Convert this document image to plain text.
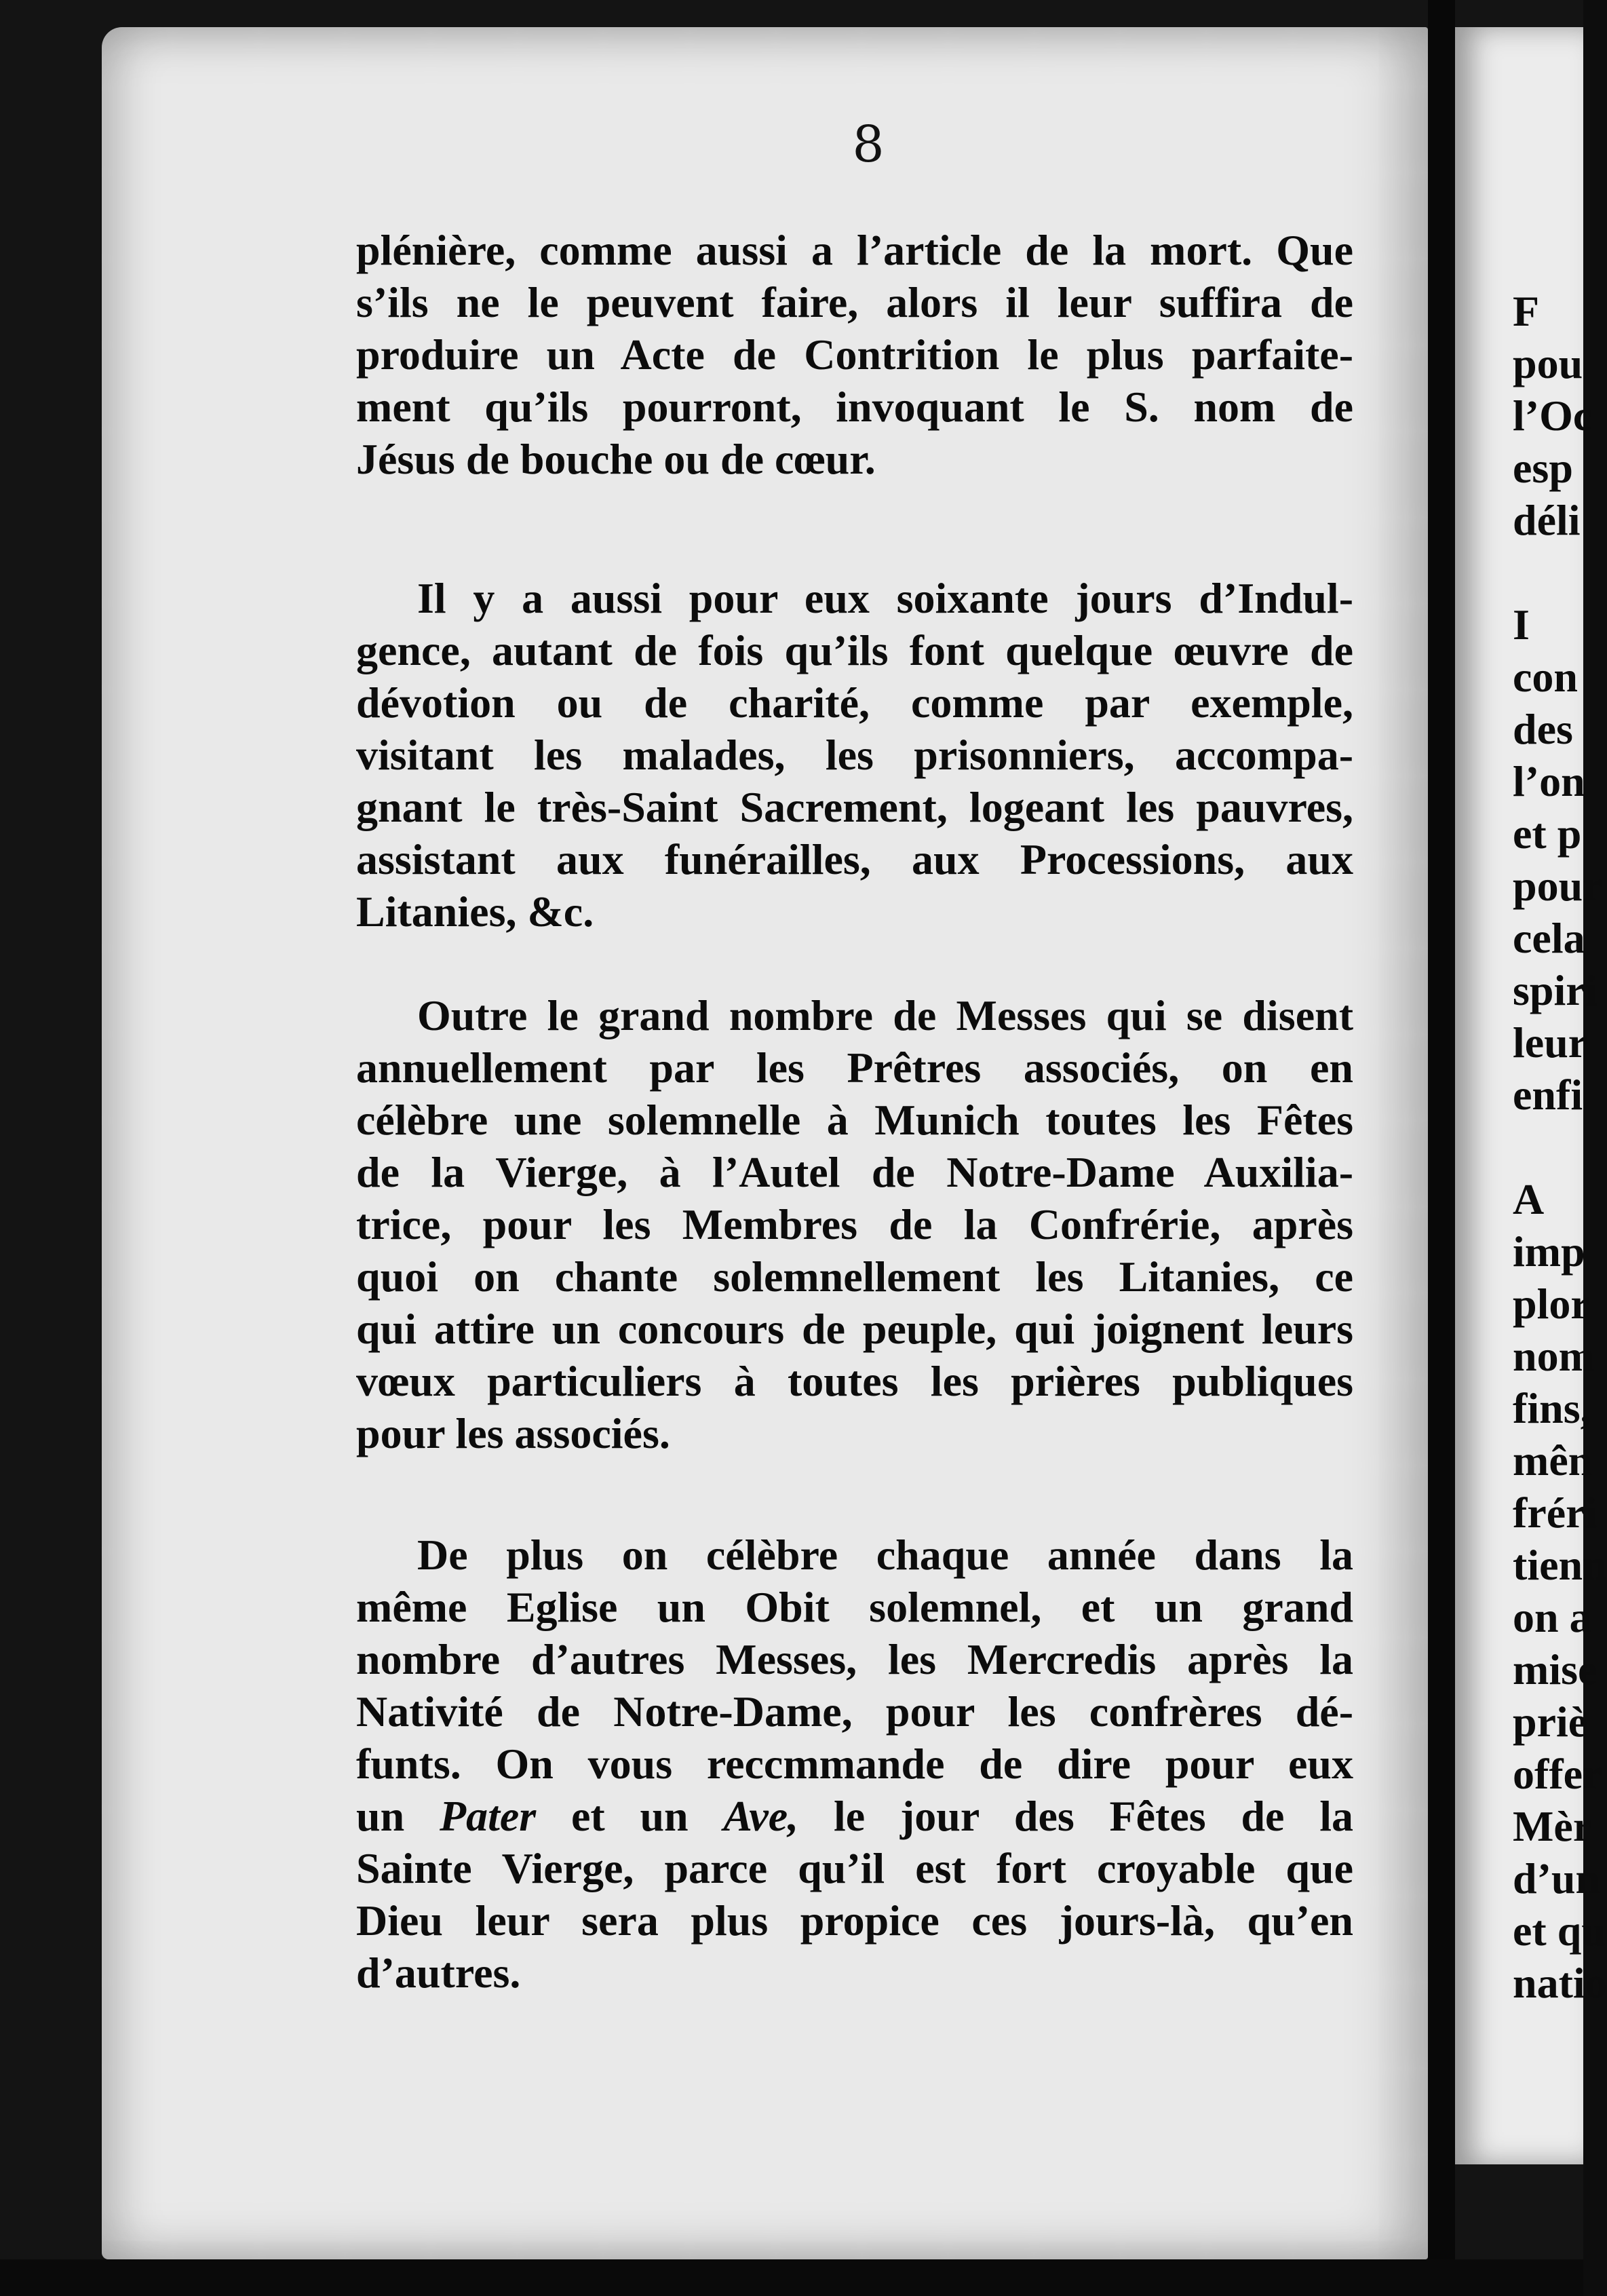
8
plénière, comme aussi a l’article de la mort. Que
s’ils ne le peuvent faire, alors il leur suffira de
produire un Acte de Contrition le plus parfaite-
ment qu’ils pourront, invoquant le S. nom de
Jésus de bouche ou de cœur.
Il y a aussi pour eux soixante jours d’Indul-
gence, autant de fois qu’ils font quelque œuvre de
dévotion ou de charité, comme par exemple,
visitant les malades, les prisonniers, accompa-
gnant le très-Saint Sacrement, logeant les pauvres,
assistant aux funérailles, aux Processions, aux
Litanies, &c.
Outre le grand nombre de Messes qui se disent
annuellement par les Prêtres associés, on en
célèbre une solemnelle à Munich toutes les Fêtes
de la Vierge, à l’Autel de Notre-Dame Auxilia-
trice, pour les Membres de la Confrérie, après
quoi on chante solemnellement les Litanies, ce
qui attire un concours de peuple, qui joignent leurs
vœux particuliers à toutes les prières publiques
pour les associés.
De plus on célèbre chaque année dans la
même Eglise un Obit solemnel, et un grand
nombre d’autres Messes, les Mercredis après la
Nativité de Notre-Dame, pour les confrères dé-
funts. On vous reccmmande de dire pour eux
un Pater et un Ave, le jour des Fêtes de la
Sainte Vierge, parce qu’il est fort croyable que
Dieu leur sera plus propice ces jours-là, qu’en
d’autres.
F
pou
l’Oc
esp
déli
I
con
des
l’on
et p
pour
cela
spiri
leur
enfi
A
imp
plor
nom
fins,
mên
fréri
tienn
on a
mise
priè
offer
Mèr
d’un
et qu
natio
